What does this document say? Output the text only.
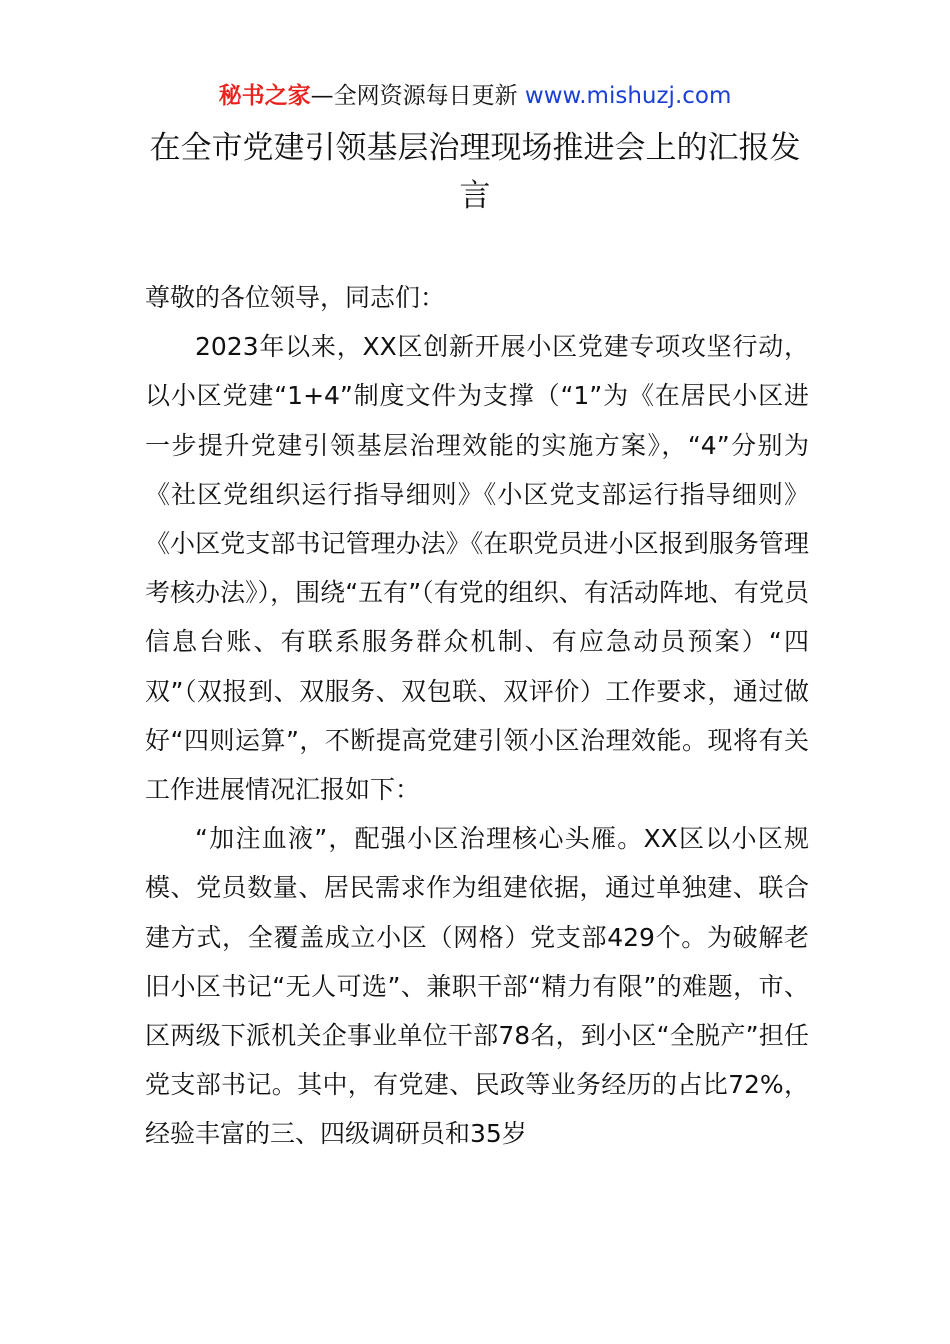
秘书之家—全网资源每日更新 www.mishuzj.com
在全市党建引领基层治理现场推进会上的汇报发言

尊敬的各位领导，同志们：

2023年以来，XX区创新开展小区党建专项攻坚行动，以小区党建“1+4”制度文件为支撑（“1”为《在居民小区进一步提升党建引领基层治理效能的实施方案》，“4”分别为《社区党组织运行指导细则》《小区党支部运行指导细则》《小区党支部书记管理办法》《在职党员进小区报到服务管理考核办法》），围绕“五有”（有党的组织、有活动阵地、有党员信息台账、有联系服务群众机制、有应急动员预案）“四双”（双报到、双服务、双包联、双评价）工作要求，通过做好“四则运算”，不断提高党建引领小区治理效能。现将有关工作进展情况汇报如下：

“加注血液”，配强小区治理核心头雁。XX区以小区规模、党员数量、居民需求作为组建依据，通过单独建、联合建方式，全覆盖成立小区（网格）党支部429个。为破解老旧小区书记“无人可选”、兼职干部“精力有限”的难题，市、区两级下派机关企事业单位干部78名，到小区“全脱产”担任党支部书记。其中，有党建、民政等业务经历的占比72%，经验丰富的三、四级调研员和35岁
